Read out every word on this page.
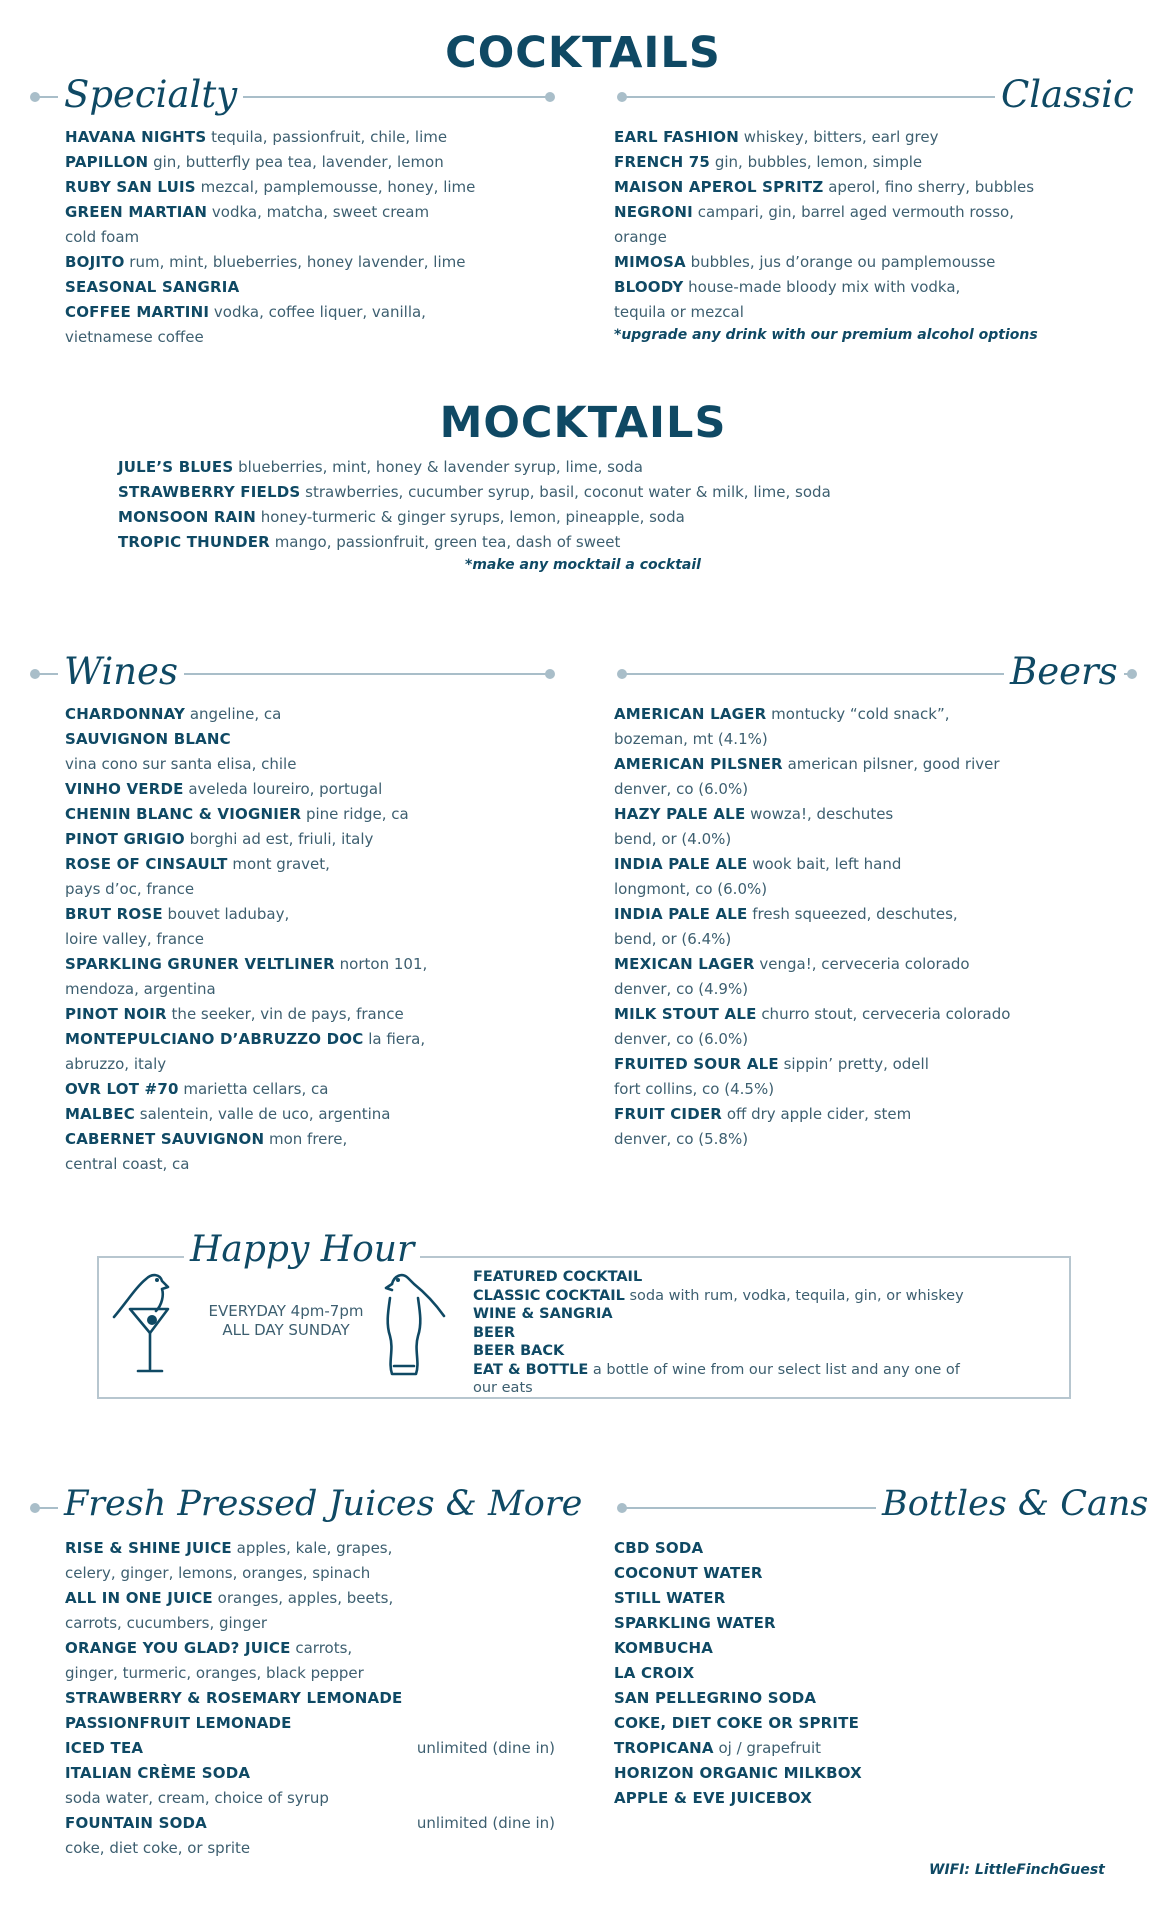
COCKTAILS
Specialty
HAVANA NIGHTS tequila, passionfruit, chile, lime
PAPILLON gin, butterfly pea tea, lavender, lemon
RUBY SAN LUIS mezcal, pamplemousse, honey, lime
GREEN MARTIAN vodka, matcha, sweet cream
cold foam
BOJITO rum, mint, blueberries, honey lavender, lime
SEASONAL SANGRIA
COFFEE MARTINI vodka, coffee liquer, vanilla,
vietnamese coffee
Classic
EARL FASHION whiskey, bitters, earl grey
FRENCH 75 gin, bubbles, lemon, simple
MAISON APEROL SPRITZ aperol, fino sherry, bubbles
NEGRONI campari, gin, barrel aged vermouth rosso,
orange
MIMOSA bubbles, jus d’orange ou pamplemousse
BLOODY house-made bloody mix with vodka,
tequila or mezcal
*upgrade any drink with our premium alcohol options
MOCKTAILS
JULE’S BLUES blueberries, mint, honey & lavender syrup, lime, soda
STRAWBERRY FIELDS strawberries, cucumber syrup, basil, coconut water & milk, lime, soda
MONSOON RAIN honey-turmeric & ginger syrups, lemon, pineapple, soda
TROPIC THUNDER mango, passionfruit, green tea, dash of sweet
*make any mocktail a cocktail
Wines
CHARDONNAY angeline, ca
SAUVIGNON BLANC
vina cono sur santa elisa, chile
VINHO VERDE aveleda loureiro, portugal
CHENIN BLANC & VIOGNIER pine ridge, ca
PINOT GRIGIO borghi ad est, friuli, italy
ROSE OF CINSAULT mont gravet,
pays d’oc, france
BRUT ROSE bouvet ladubay,
loire valley, france
SPARKLING GRUNER VELTLINER norton 101,
mendoza, argentina
PINOT NOIR the seeker, vin de pays, france
MONTEPULCIANO D’ABRUZZO DOC la fiera,
abruzzo, italy
OVR LOT #70 marietta cellars, ca
MALBEC salentein, valle de uco, argentina
CABERNET SAUVIGNON mon frere,
central coast, ca
Beers
AMERICAN LAGER montucky “cold snack”,
bozeman, mt (4.1%)
AMERICAN PILSNER american pilsner, good river
denver, co (6.0%)
HAZY PALE ALE wowza!, deschutes
bend, or (4.0%)
INDIA PALE ALE wook bait, left hand
longmont, co (6.0%)
INDIA PALE ALE fresh squeezed, deschutes,
bend, or (6.4%)
MEXICAN LAGER venga!, cerveceria colorado
denver, co (4.9%)
MILK STOUT ALE churro stout, cerveceria colorado
denver, co (6.0%)
FRUITED SOUR ALE sippin’ pretty, odell
fort collins, co (4.5%)
FRUIT CIDER off dry apple cider, stem
denver, co (5.8%)
Happy Hour
EVERYDAY 4pm-7pm
ALL DAY SUNDAY
FEATURED COCKTAIL
CLASSIC COCKTAIL soda with rum, vodka, tequila, gin, or whiskey
WINE & SANGRIA
BEER
BEER BACK
EAT & BOTTLE a bottle of wine from our select list and any one of
our eats
Fresh Pressed Juices & More
RISE & SHINE JUICE apples, kale, grapes,
celery, ginger, lemons, oranges, spinach
ALL IN ONE JUICE oranges, apples, beets,
carrots, cucumbers, ginger
ORANGE YOU GLAD? JUICE carrots,
ginger, turmeric, oranges, black pepper
STRAWBERRY & ROSEMARY LEMONADE
PASSIONFRUIT LEMONADE
ICED TEA	unlimited (dine in)
ITALIAN CRÈME SODA
soda water, cream, choice of syrup
FOUNTAIN SODA	unlimited (dine in)
coke, diet coke, or sprite
Bottles & Cans
CBD SODA
COCONUT WATER
STILL WATER
SPARKLING WATER
KOMBUCHA
LA CROIX
SAN PELLEGRINO SODA
COKE, DIET COKE OR SPRITE
TROPICANA oj / grapefruit
HORIZON ORGANIC MILKBOX
APPLE & EVE JUICEBOX
WIFI: LittleFinchGuest
